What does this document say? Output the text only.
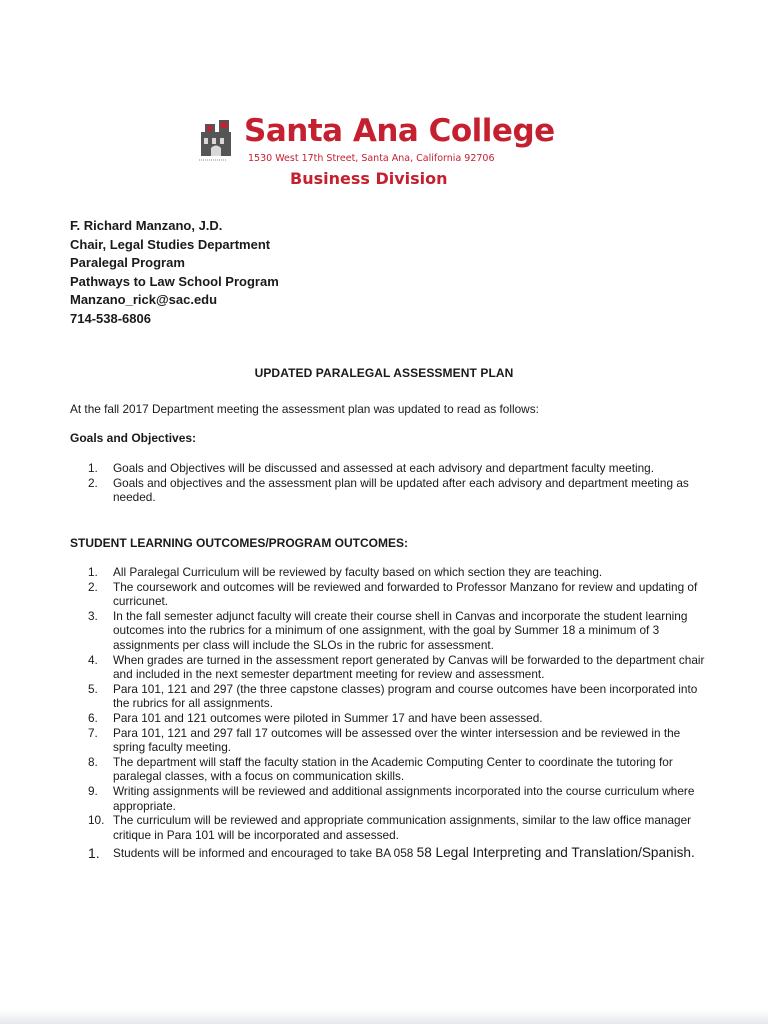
Santa Ana College
1530 West 17th Street, Santa Ana, California 92706
Business Division
F. Richard Manzano, J.D.
Chair, Legal Studies Department
Paralegal Program
Pathways to Law School Program
Manzano_rick@sac.edu
714-538-6806
UPDATED PARALEGAL ASSESSMENT PLAN
At the fall 2017 Department meeting the assessment plan was updated to read as follows:
Goals and Objectives:
1.	Goals and Objectives will be discussed and assessed at each advisory and department faculty meeting.
2.	Goals and objectives and the assessment plan will be updated after each advisory and department meeting as needed.
STUDENT LEARNING OUTCOMES/PROGRAM OUTCOMES:
1.	All Paralegal Curriculum will be reviewed by faculty based on which section they are teaching.
2.	The coursework and outcomes will be reviewed and forwarded to Professor Manzano for review and updating of curricunet.
3.	In the fall semester adjunct faculty will create their course shell in Canvas and incorporate the student learning outcomes into the rubrics for a minimum of one assignment, with the goal by Summer 18 a minimum of 3 assignments per class will include the SLOs in the rubric for assessment.
4.	When grades are turned in the assessment report generated by Canvas will be forwarded to the department chair and included in the next semester department meeting for review and assessment.
5.	Para 101, 121 and 297 (the three capstone classes) program and course outcomes have been incorporated into the rubrics for all assignments.
6.	Para 101 and 121 outcomes were piloted in Summer 17 and have been assessed.
7.	Para 101, 121 and 297 fall 17 outcomes will be assessed over the winter intersession and be reviewed in the spring faculty meeting.
8.	The department will staff the faculty station in the Academic Computing Center to coordinate the tutoring for paralegal classes, with a focus on communication skills.
9.	Writing assignments will be reviewed and additional assignments incorporated into the course curriculum where appropriate.
10. The curriculum will be reviewed and appropriate communication assignments, similar to the law office manager critique in Para 101 will be incorporated and assessed.
1.	Students will be informed and encouraged to take BA 058 58 Legal Interpreting and Translation/Spanish.
